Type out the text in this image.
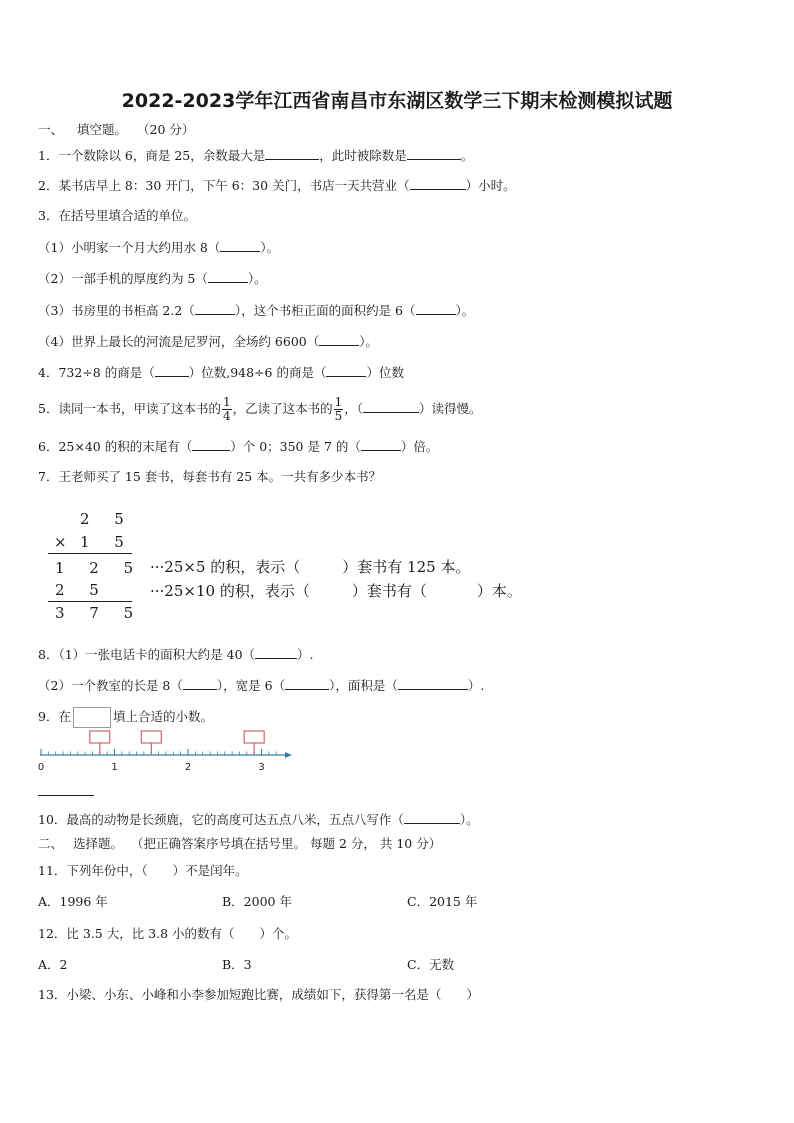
2022-2023学年江西省南昌市东湖区数学三下期末检测模拟试题
一、 填空题。 （20 分）
1．一个数除以 6，商是 25，余数最大是	，此时被除数是	。
2．某书店早上 8：30 开门，下午 6：30 关门，书店一天共营业（	）小时。
3．在括号里填合适的单位。
（1）小明家一个月大约用水 8（	）。
（2）一部手机的厚度约为 5（	）。
（3）书房里的书柜高 2.2（	），这个书柜正面的面积约是 6（	）。
（4）世界上最长的河流是尼罗河，全场约 6600（	）。
4．732÷8 的商是（	）位数,948÷6 的商是（	）位数
5．读同一本书，甲读了这本书的 $\frac{1}{4}$ ，乙读了这本书的 $\frac{1}{5}$ ，（	）读得慢。
6．25×40 的积的末尾有（	）个 0；350 是 7 的（	）倍。
7．王老师买了 15 套书，每套书有 25 本。一共有多少本书？
2 5
× 1 5
1 2 5
2 5
3 7 5
···25×5 的积，表示（	）套书有 125 本。
···25×10 的积，表示（	）套书有（	）本。
8．（1）一张电话卡的面积大约是 40（	）.
（2）一个教室的长是 8（	），宽是 6（	），面积是（	）.
9．在	填上合适的小数。
0	1	2	3
10．最高的动物是长颈鹿，它的高度可达五点八米，五点八写作（	）。
二、 选择题。 （把正确答案序号填在括号里。 每题 2 分， 共 10 分）
11．下列年份中，（　　）不是闰年。
A．1996 年	B．2000 年	C．2015 年
12．比 3.5 大，比 3.8 小的数有（　　）个。
A．2	B．3	C．无数
13．小梁、小东、小峰和小李参加短跑比赛，成绩如下，获得第一名是（　　）
